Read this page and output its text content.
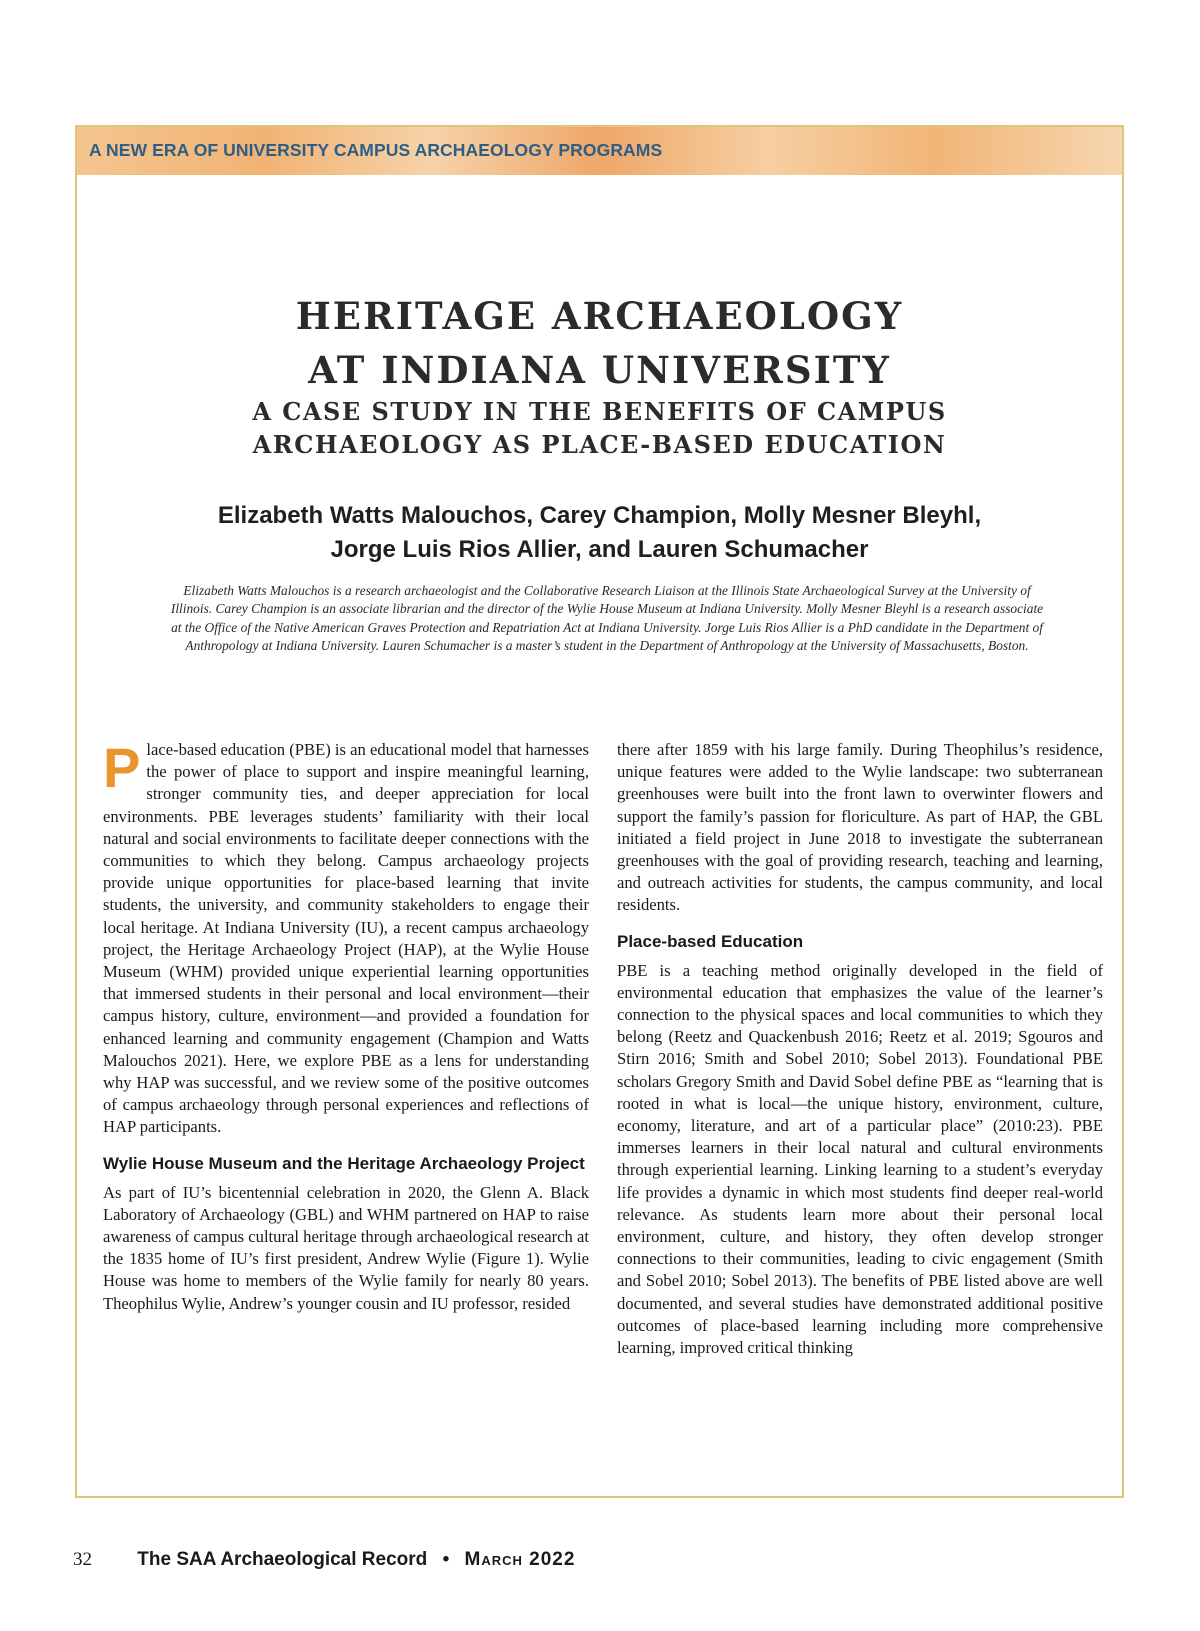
A NEW ERA OF UNIVERSITY CAMPUS ARCHAEOLOGY PROGRAMS
HERITAGE ARCHAEOLOGY
AT INDIANA UNIVERSITY
A CASE STUDY IN THE BENEFITS OF CAMPUS
ARCHAEOLOGY AS PLACE-BASED EDUCATION
Elizabeth Watts Malouchos, Carey Champion, Molly Mesner Bleyhl,
Jorge Luis Rios Allier, and Lauren Schumacher
Elizabeth Watts Malouchos is a research archaeologist and the Collaborative Research Liaison at the Illinois State Archaeological Survey at the University of Illinois. Carey Champion is an associate librarian and the director of the Wylie House Museum at Indiana University. Molly Mesner Bleyhl is a research associate at the Office of the Native American Graves Protection and Repatriation Act at Indiana University. Jorge Luis Rios Allier is a PhD candidate in the Department of Anthropology at Indiana University. Lauren Schumacher is a master’s student in the Department of Anthropology at the University of Massachusetts, Boston.

Place-based education (PBE) is an educational model that harnesses the power of place to support and inspire meaningful learning, stronger community ties, and deeper appreciation for local environments. PBE leverages students’ familiarity with their local natural and social environments to facilitate deeper connections with the communities to which they belong. Campus archaeology projects provide unique opportunities for place-based learning that invite students, the university, and community stakeholders to engage their local heritage. At Indiana University (IU), a recent campus archaeology project, the Heritage Archaeology Project (HAP), at the Wylie House Museum (WHM) provided unique experiential learning opportunities that immersed students in their personal and local environment—their campus history, culture, environment—and provided a foundation for enhanced learning and community engagement (Champion and Watts Malouchos 2021). Here, we explore PBE as a lens for understanding why HAP was successful, and we review some of the positive outcomes of campus archaeology through personal experiences and reflections of HAP participants.

Wylie House Museum and the Heritage Archaeology Project

As part of IU’s bicentennial celebration in 2020, the Glenn A. Black Laboratory of Archaeology (GBL) and WHM partnered on HAP to raise awareness of campus cultural heritage through archaeological research at the 1835 home of IU’s first president, Andrew Wylie (Figure 1). Wylie House was home to members of the Wylie family for nearly 80 years. Theophilus Wylie, Andrew’s younger cousin and IU professor, resided

there after 1859 with his large family. During Theophilus’s residence, unique features were added to the Wylie landscape: two subterranean greenhouses were built into the front lawn to overwinter flowers and support the family’s passion for floriculture. As part of HAP, the GBL initiated a field project in June 2018 to investigate the subterranean greenhouses with the goal of providing research, teaching and learning, and outreach activities for students, the campus community, and local residents.

Place-based Education

PBE is a teaching method originally developed in the field of environmental education that emphasizes the value of the learner’s connection to the physical spaces and local communities to which they belong (Reetz and Quackenbush 2016; Reetz et al. 2019; Sgouros and Stirn 2016; Smith and Sobel 2010; Sobel 2013). Foundational PBE scholars Gregory Smith and David Sobel define PBE as “learning that is rooted in what is local—the unique history, environment, culture, economy, literature, and art of a particular place” (2010:23). PBE immerses learners in their local natural and cultural environments through experiential learning. Linking learning to a student’s everyday life provides a dynamic in which most students find deeper real-world relevance. As students learn more about their personal local environment, culture, and history, they often develop stronger connections to their communities, leading to civic engagement (Smith and Sobel 2010; Sobel 2013). The benefits of PBE listed above are well documented, and several studies have demonstrated additional positive outcomes of place-based learning including more comprehensive learning, improved critical thinking

32 The SAA Archaeological Record • March 2022
